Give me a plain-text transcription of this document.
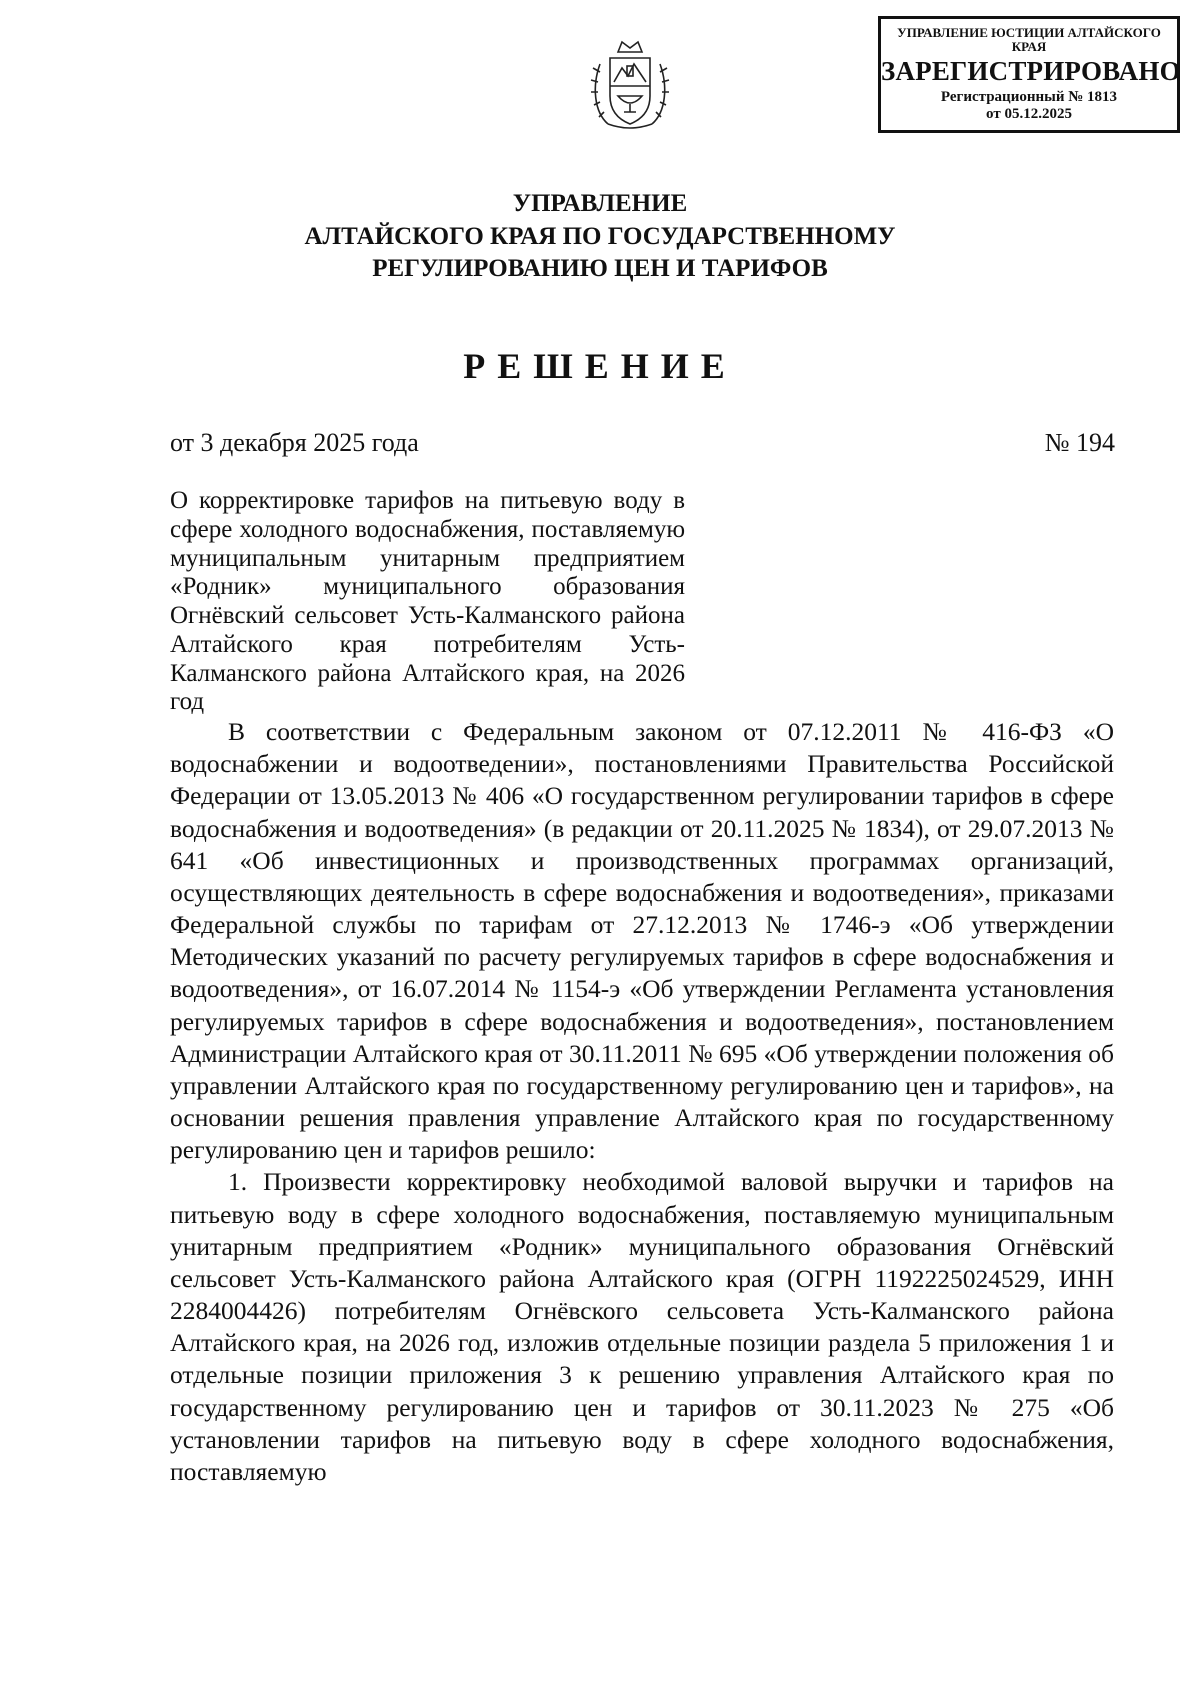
УПРАВЛЕНИЕ ЮСТИЦИИ АЛТАЙСКОГО КРАЯ
ЗАРЕГИСТРИРОВАНО
Регистрационный № 1813
от 05.12.2025
УПРАВЛЕНИЕ
АЛТАЙСКОГО КРАЯ ПО ГОСУДАРСТВЕННОМУ
РЕГУЛИРОВАНИЮ ЦЕН И ТАРИФОВ
РЕШЕНИЕ
от 3 декабря 2025 года	№ 194
О корректировке тарифов на питьевую воду в сфере холодного водоснабжения, поставляемую муниципальным унитарным предприятием «Родник» муниципального образования Огнёвский сельсовет Усть-Калманского района Алтайского края потребителям Усть-Калманского района Алтайского края, на 2026 год

В соответствии с Федеральным законом от 07.12.2011 № 416-ФЗ «О водоснабжении и водоотведении», постановлениями Правительства Российской Федерации от 13.05.2013 № 406 «О государственном регулировании тарифов в сфере водоснабжения и водоотведения» (в редакции от 20.11.2025 № 1834), от 29.07.2013 № 641 «Об инвестиционных и производственных программах организаций, осуществляющих деятельность в сфере водоснабжения и водоотведения», приказами Федеральной службы по тарифам от 27.12.2013 № 1746-э «Об утверждении Методических указаний по расчету регулируемых тарифов в сфере водоснабжения и водоотведения», от 16.07.2014 № 1154-э «Об утверждении Регламента установления регулируемых тарифов в сфере водоснабжения и водоотведения», постановлением Администрации Алтайского края от 30.11.2011 № 695 «Об утверждении положения об управлении Алтайского края по государственному регулированию цен и тарифов», на основании решения правления управление Алтайского края по государственному регулированию цен и тарифов решило:

1. Произвести корректировку необходимой валовой выручки и тарифов на питьевую воду в сфере холодного водоснабжения, поставляемую муниципальным унитарным предприятием «Родник» муниципального образования Огнёвский сельсовет Усть-Калманского района Алтайского края (ОГРН 1192225024529, ИНН 2284004426) потребителям Огнёвского сельсовета Усть-Калманского района Алтайского края, на 2026 год, изложив отдельные позиции раздела 5 приложения 1 и отдельные позиции приложения 3 к решению управления Алтайского края по государственному регулированию цен и тарифов от 30.11.2023 № 275 «Об установлении тарифов на питьевую воду в сфере холодного водоснабжения, поставляемую
